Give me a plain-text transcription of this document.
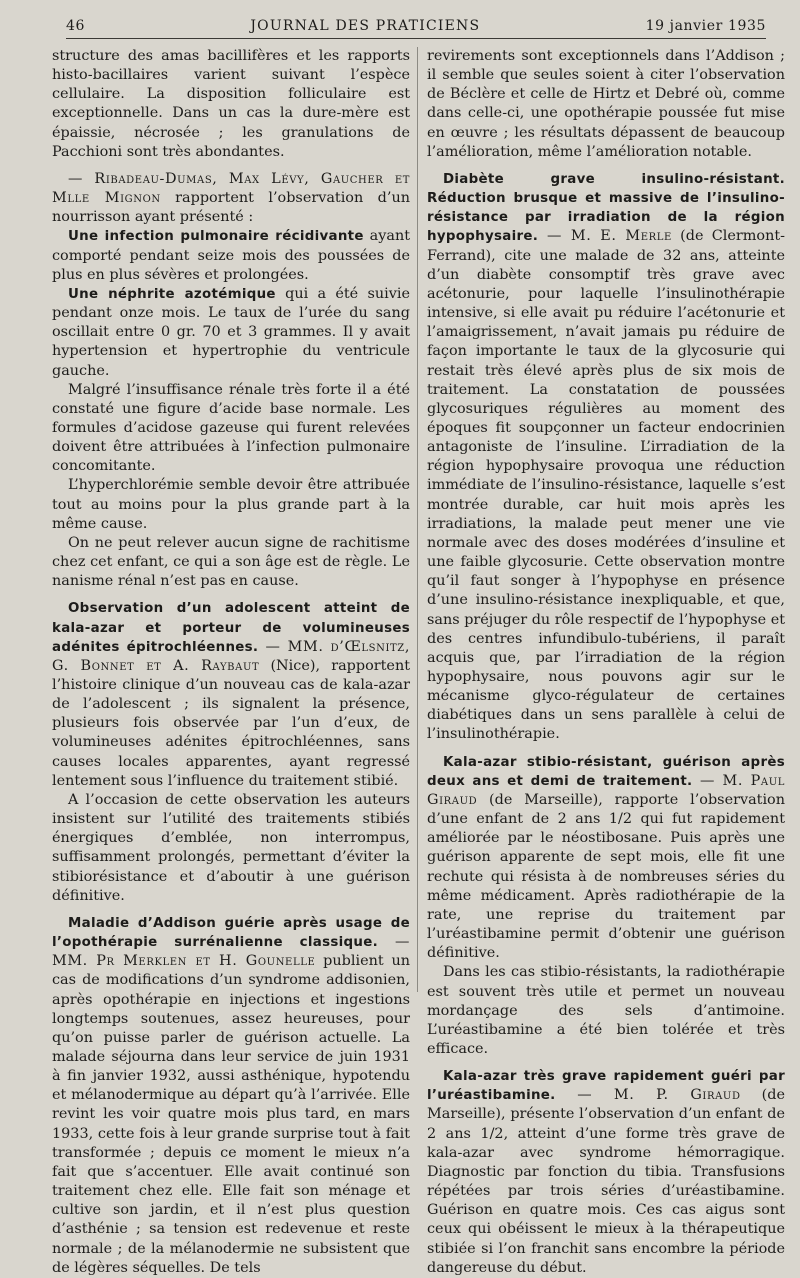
46	JOURNAL DES PRATICIENS	19 janvier 1935

structure des amas bacillifères et les rapports histo-bacillaires varient suivant l’espèce cellulaire. La disposition folliculaire est exceptionnelle. Dans un cas la dure-mère est épaissie, nécrosée ; les granulations de Pacchioni sont très abondantes.

— Ribadeau-Dumas, Max Lévy, Gaucher et Mlle Mignon rapportent l’observation d’un nourrisson ayant présenté :

Une infection pulmonaire récidivante ayant comporté pendant seize mois des poussées de plus en plus sévères et prolongées.

Une néphrite azotémique qui a été suivie pendant onze mois. Le taux de l’urée du sang oscillait entre 0 gr. 70 et 3 grammes. Il y avait hypertension et hypertrophie du ventricule gauche.

Malgré l’insuffisance rénale très forte il a été constaté une figure d’acide base normale. Les formules d’acidose gazeuse qui furent relevées doivent être attribuées à l’infection pulmonaire concomitante.

L’hyperchlorémie semble devoir être attribuée tout au moins pour la plus grande part à la même cause.

On ne peut relever aucun signe de rachitisme chez cet enfant, ce qui a son âge est de règle. Le nanisme rénal n’est pas en cause.

Observation d’un adolescent atteint de kala-azar et porteur de volumineuses adénites épitrochléennes. — MM. d’Œlsnitz, G. Bonnet et A. Raybaut (Nice), rapportent l’histoire clinique d’un nouveau cas de kala-azar de l’adolescent ; ils signalent la présence, plusieurs fois observée par l’un d’eux, de volumineuses adénites épitrochléennes, sans causes locales apparentes, ayant regressé lentement sous l’influence du traitement stibié.

A l’occasion de cette observation les auteurs insistent sur l’utilité des traitements stibiés énergiques d’emblée, non interrompus, suffisamment prolongés, permettant d’éviter la stibiorésistance et d’aboutir à une guérison définitive.

Maladie d’Addison guérie après usage de l’opothérapie surrénalienne classique. — MM. Pr Merklen et H. Gounelle publient un cas de modifications d’un syndrome addisonien, après opothérapie en injections et ingestions longtemps soutenues, assez heureuses, pour qu’on puisse parler de guérison actuelle. La malade séjourna dans leur service de juin 1931 à fin janvier 1932, aussi asthénique, hypotendu et mélanodermique au départ qu’à l’arrivée. Elle revint les voir quatre mois plus tard, en mars 1933, cette fois à leur grande surprise tout à fait transformée ; depuis ce moment le mieux n’a fait que s’accentuer. Elle avait continué son traitement chez elle. Elle fait son ménage et cultive son jardin, et il n’est plus question d’asthénie ; sa tension est redevenue et reste normale ; de la mélanodermie ne subsistent que de légères séquelles. De tels

revirements sont exceptionnels dans l’Addison ; il semble que seules soient à citer l’observation de Béclère et celle de Hirtz et Debré où, comme dans celle-ci, une opothérapie poussée fut mise en œuvre ; les résultats dépassent de beaucoup l’amélioration, même l’amélioration notable.

Diabète grave insulino-résistant. Réduction brusque et massive de l’insulino-résistance par irradiation de la région hypophysaire. — M. E. Merle (de Clermont-Ferrand), cite une malade de 32 ans, atteinte d’un diabète consomptif très grave avec acétonurie, pour laquelle l’insulinothérapie intensive, si elle avait pu réduire l’acétonurie et l’amaigrissement, n’avait jamais pu réduire de façon importante le taux de la glycosurie qui restait très élevé après plus de six mois de traitement. La constatation de poussées glycosuriques régulières au moment des époques fit soupçonner un facteur endocrinien antagoniste de l’insuline. L’irradiation de la région hypophysaire provoqua une réduction immédiate de l’insulino-résistance, laquelle s’est montrée durable, car huit mois après les irradiations, la malade peut mener une vie normale avec des doses modérées d’insuline et une faible glycosurie. Cette observation montre qu’il faut songer à l’hypophyse en présence d’une insulino-résistance inexpliquable, et que, sans préjuger du rôle respectif de l’hypophyse et des centres infundibulo-tubériens, il paraît acquis que, par l’irradiation de la région hypophysaire, nous pouvons agir sur le mécanisme glyco-régulateur de certaines diabétiques dans un sens parallèle à celui de l’insulinothérapie.

Kala-azar stibio-résistant, guérison après deux ans et demi de traitement. — M. Paul Giraud (de Marseille), rapporte l’observation d’une enfant de 2 ans 1/2 qui fut rapidement améliorée par le néostibosane. Puis après une guérison apparente de sept mois, elle fit une rechute qui résista à de nombreuses séries du même médicament. Après radiothérapie de la rate, une reprise du traitement par l’uréastibamine permit d’obtenir une guérison définitive.

Dans les cas stibio-résistants, la radiothérapie est souvent très utile et permet un nouveau mordançage des sels d’antimoine. L’uréastibamine a été bien tolérée et très efficace.

Kala-azar très grave rapidement guéri par l’uréastibamine. — M. P. Giraud (de Marseille), présente l’observation d’un enfant de 2 ans 1/2, atteint d’une forme très grave de kala-azar avec syndrome hémorragique. Diagnostic par fonction du tibia. Transfusions répétées par trois séries d’uréastibamine. Guérison en quatre mois. Ces cas aigus sont ceux qui obéissent le mieux à la thérapeutique stibiée si l’on franchit sans encombre la période dangereuse du début.
